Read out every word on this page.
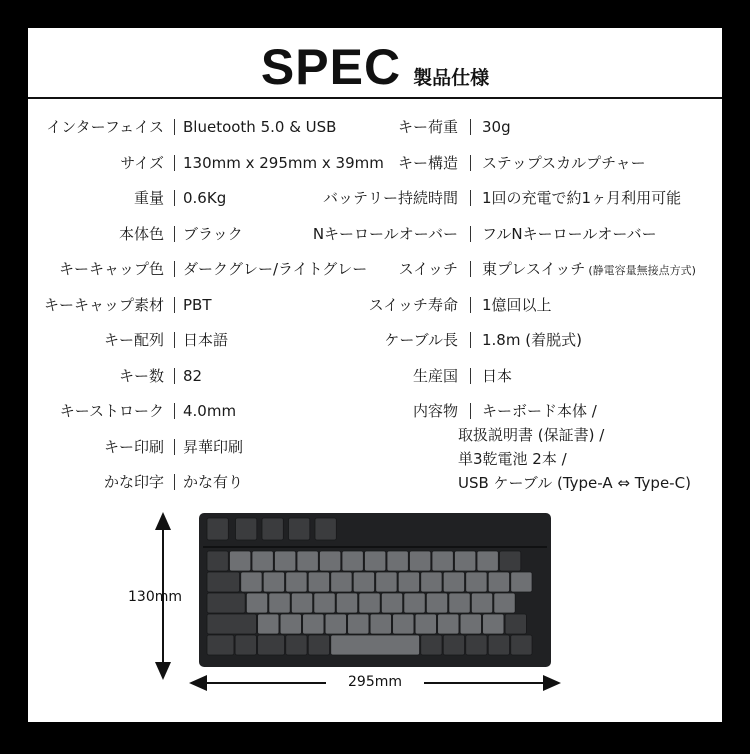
SPEC 製品仕様
インターフェイス Bluetooth 5.0 & USB
サイズ 130mm x 295mm x 39mm
重量 0.6Kg
本体色 ブラック
キーキャップ色 ダークグレー/ライトグレー
キーキャップ素材 PBT
キー配列 日本語
キー数 82
キーストローク 4.0mm
キー印刷 昇華印刷
かな印字 かな有り
キー荷重 30g
キー構造 ステップスカルプチャー
バッテリー持続時間 1回の充電で約1ヶ月利用可能
Nキーロールオーバー フルNキーロールオーバー
スイッチ 東プレスイッチ (静電容量無接点方式)
スイッチ寿命 1億回以上
ケーブル長 1.8m (着脱式)
生産国 日本
内容物 キーボード本体 /
取扱説明書 (保証書) /
単3乾電池 2本 /
USB ケーブル (Type-A ⇔ Type-C)
130mm
295mm
